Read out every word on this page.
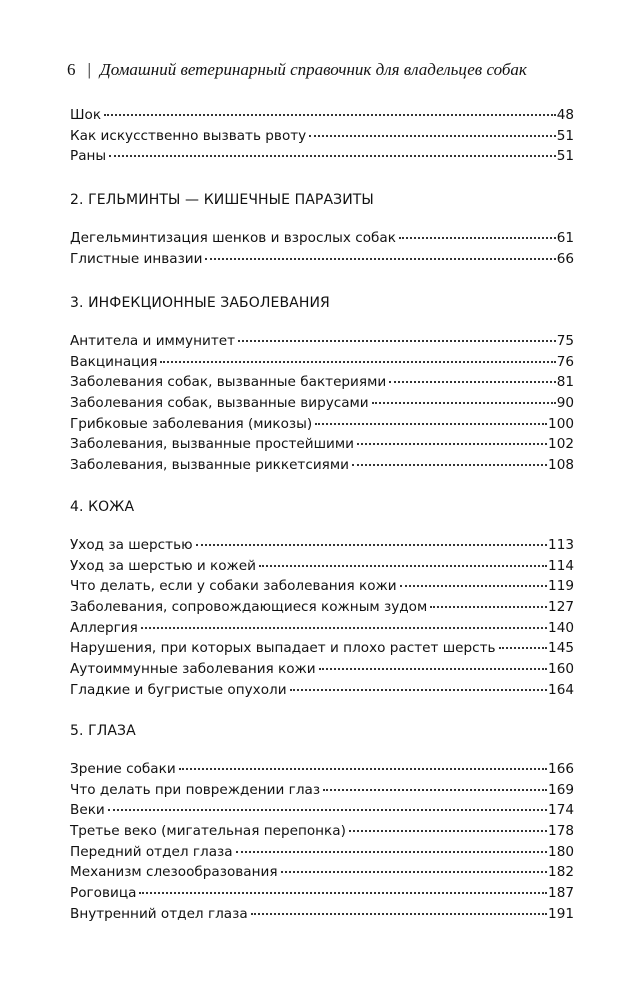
6 | Домашний ветеринарный справочник для владельцев собак
Шок	48
Как искусственно вызвать рвоту	51
Раны	51
2. ГЕЛЬМИНТЫ — КИШЕЧНЫЕ ПАРАЗИТЫ
Дегельминтизация шенков и взрослых собак	61
Глистные инвазии	66
3. ИНФЕКЦИОННЫЕ ЗАБОЛЕВАНИЯ
Антитела и иммунитет	75
Вакцинация	76
Заболевания собак, вызванные бактериями	81
Заболевания собак, вызванные вирусами	90
Грибковые заболевания (микозы)	100
Заболевания, вызванные простейшими	102
Заболевания, вызванные риккетсиями	108
4. КОЖА
Уход за шерстью	113
Уход за шерстью и кожей	114
Что делать, если у собаки заболевания кожи	119
Заболевания, сопровождающиеся кожным зудом	127
Аллергия	140
Нарушения, при которых выпадает и плохо растет шерсть	145
Аутоиммунные заболевания кожи	160
Гладкие и бугристые опухоли	164
5. ГЛАЗА
Зрение собаки	166
Что делать при повреждении глаз	169
Веки	174
Третье веко (мигательная перепонка)	178
Передний отдел глаза	180
Механизм слезообразования	182
Роговица	187
Внутренний отдел глаза	191
